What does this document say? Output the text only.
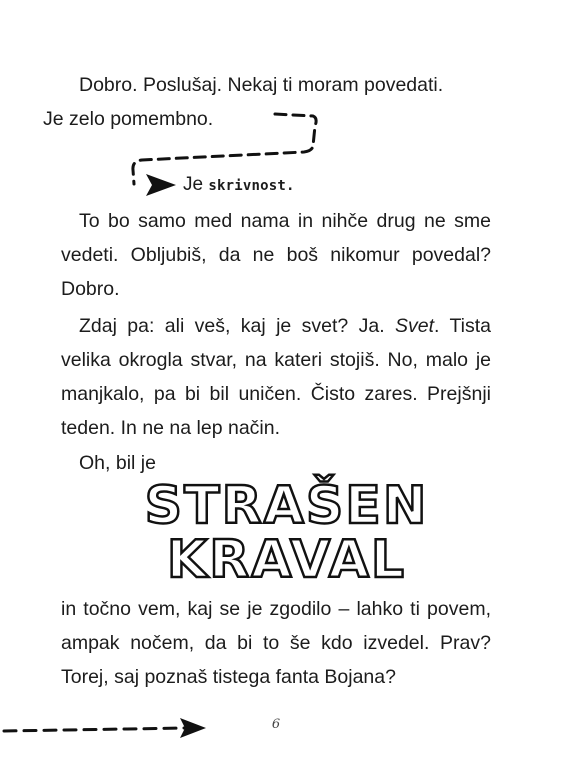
Dobro. Poslušaj. Nekaj ti moram povedati.
Je zelo pomembno.

Je skrivnost.

To bo samo med nama in nihče drug ne sme vedeti. Obljubiš, da ne boš nikomur povedal? Dobro.

Zdaj pa: ali veš, kaj je svet? Ja. Svet. Tista velika okrogla stvar, na kateri stojiš. No, malo je manjkalo, pa bi bil uničen. Čisto zares. Prejšnji teden. In ne na lep način.

Oh, bil je

STRAŠEN
KRAVAL

in točno vem, kaj se je zgodilo – lahko ti povem, ampak nočem, da bi to še kdo izvedel. Prav? Torej, saj poznaš tistega fanta Bojana?

6
